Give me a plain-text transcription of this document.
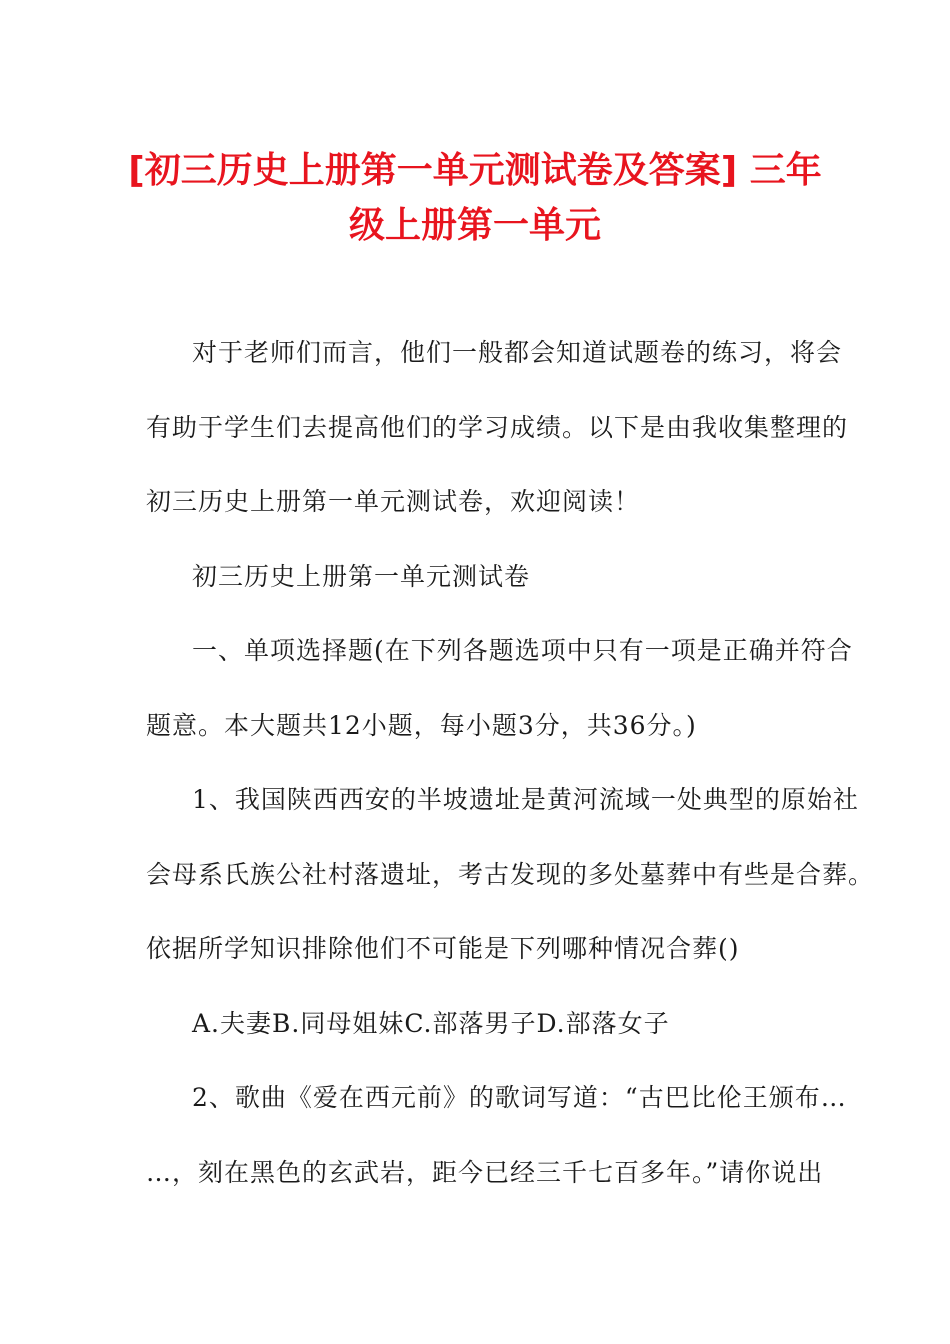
[初三历史上册第一单元测试卷及答案] 三年
级上册第一单元
对于老师们而言，他们一般都会知道试题卷的练习，将会
有助于学生们去提高他们的学习成绩。以下是由我收集整理的
初三历史上册第一单元测试卷，欢迎阅读！
初三历史上册第一单元测试卷
一、单项选择题(在下列各题选项中只有一项是正确并符合
题意。本大题共12小题，每小题3分，共36分。)
1、我国陕西西安的半坡遗址是黄河流域一处典型的原始社
会母系氏族公社村落遗址，考古发现的多处墓葬中有些是合葬。
依据所学知识排除他们不可能是下列哪种情况合葬()
A.夫妻B.同母姐妹C.部落男子D.部落女子
2、歌曲《爱在西元前》的歌词写道：“古巴比伦王颁布…
…，刻在黑色的玄武岩，距今已经三千七百多年。”请你说出
